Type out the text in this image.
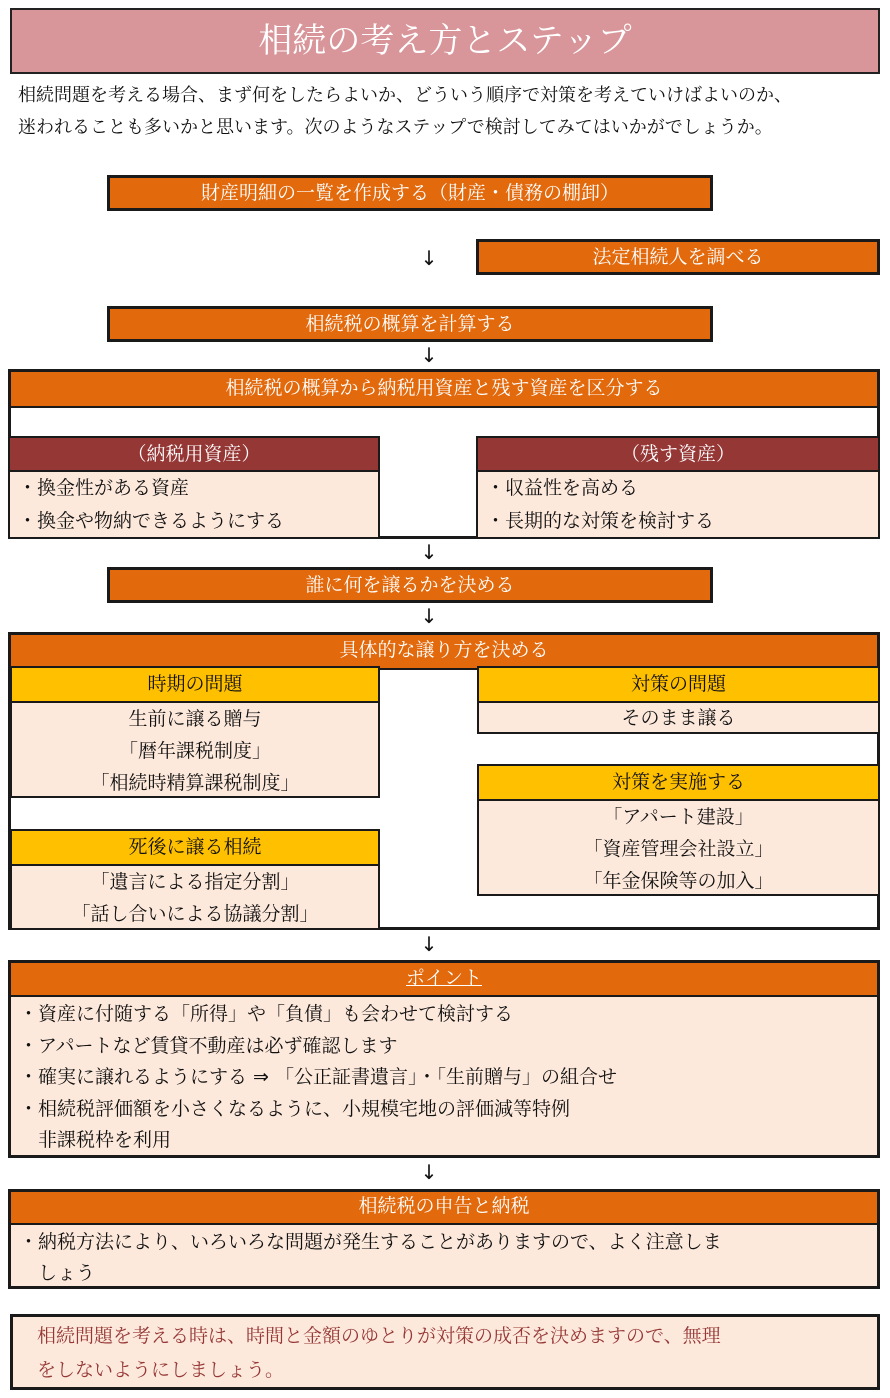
相続の考え方とステップ
相続問題を考える場合、まず何をしたらよいか、どういう順序で対策を考えていけばよいのか、
迷われることも多いかと思います。次のようなステップで検討してみてはいかがでしょうか。
財産明細の一覧を作成する（財産・債務の棚卸）
↓	法定相続人を調べる
相続税の概算を計算する
↓
相続税の概算から納税用資産と残す資産を区分する
（納税用資産）
・換金性がある資産
・換金や物納できるようにする
（残す資産）
・収益性を高める
・長期的な対策を検討する
↓
誰に何を譲るかを決める
↓
具体的な譲り方を決める
時期の問題
生前に譲る贈与
「暦年課税制度」
「相続時精算課税制度」
死後に譲る相続
「遺言による指定分割」
「話し合いによる協議分割」
対策の問題
そのまま譲る
対策を実施する
「アパート建設」
「資産管理会社設立」
「年金保険等の加入」
↓
ポイント
・資産に付随する「所得」や「負債」も会わせて検討する
・アパートなど賃貸不動産は必ず確認します
・確実に譲れるようにする ⇒ 「公正証書遺言」・「生前贈与」の組合せ
・相続税評価額を小さくなるように、小規模宅地の評価減等特例
　非課税枠を利用
↓
相続税の申告と納税
・納税方法により、いろいろな問題が発生することがありますので、よく注意しま
　しょう
相続問題を考える時は、時間と金額のゆとりが対策の成否を決めますので、無理
をしないようにしましょう。
